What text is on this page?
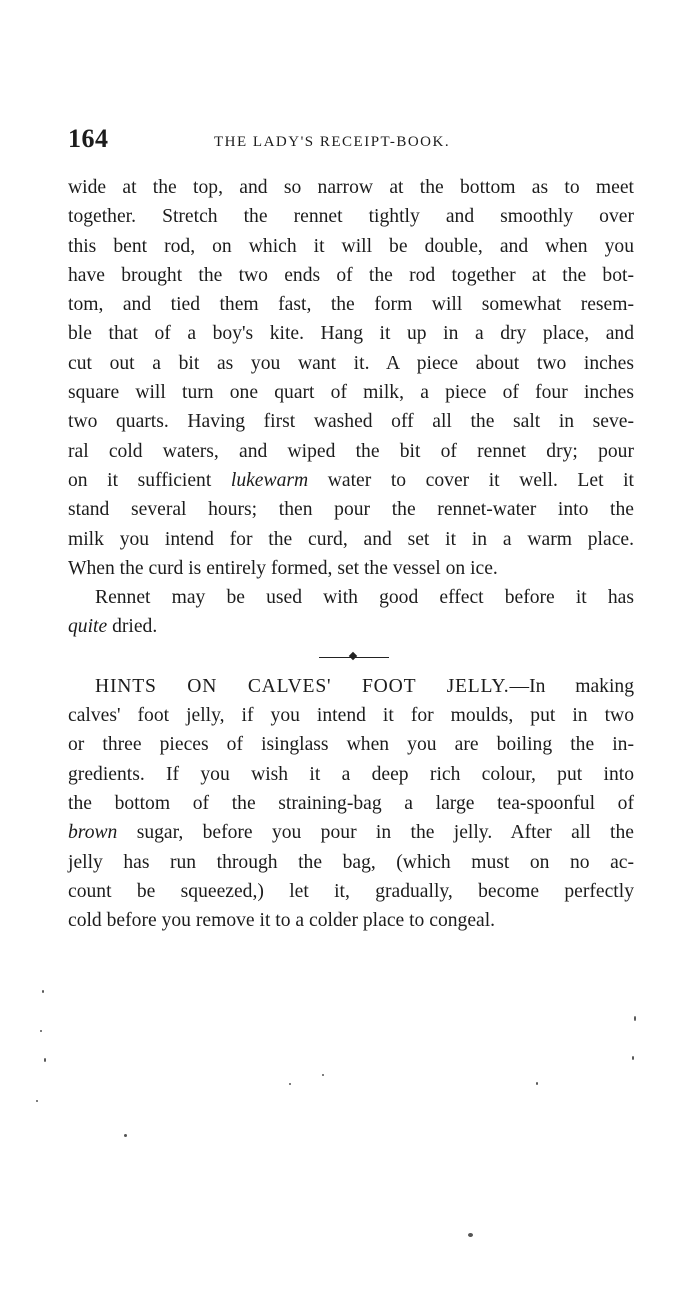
164	THE LADY'S RECEIPT-BOOK.
wide at the top, and so narrow at the bottom as to meet
together. Stretch the rennet tightly and smoothly over
this bent rod, on which it will be double, and when you
have brought the two ends of the rod together at the bot-
tom, and tied them fast, the form will somewhat resem-
ble that of a boy's kite. Hang it up in a dry place, and
cut out a bit as you want it. A piece about two inches
square will turn one quart of milk, a piece of four inches
two quarts. Having first washed off all the salt in seve-
ral cold waters, and wiped the bit of rennet dry; pour
on it sufficient lukewarm water to cover it well. Let it
stand several hours; then pour the rennet-water into the
milk you intend for the curd, and set it in a warm place.
When the curd is entirely formed, set the vessel on ice.
Rennet may be used with good effect before it has
quite dried.
HINTS ON CALVES' FOOT JELLY.—In making
calves' foot jelly, if you intend it for moulds, put in two
or three pieces of isinglass when you are boiling the in-
gredients. If you wish it a deep rich colour, put into
the bottom of the straining-bag a large tea-spoonful of
brown sugar, before you pour in the jelly. After all the
jelly has run through the bag, (which must on no ac-
count be squeezed,) let it, gradually, become perfectly
cold before you remove it to a colder place to congeal.
